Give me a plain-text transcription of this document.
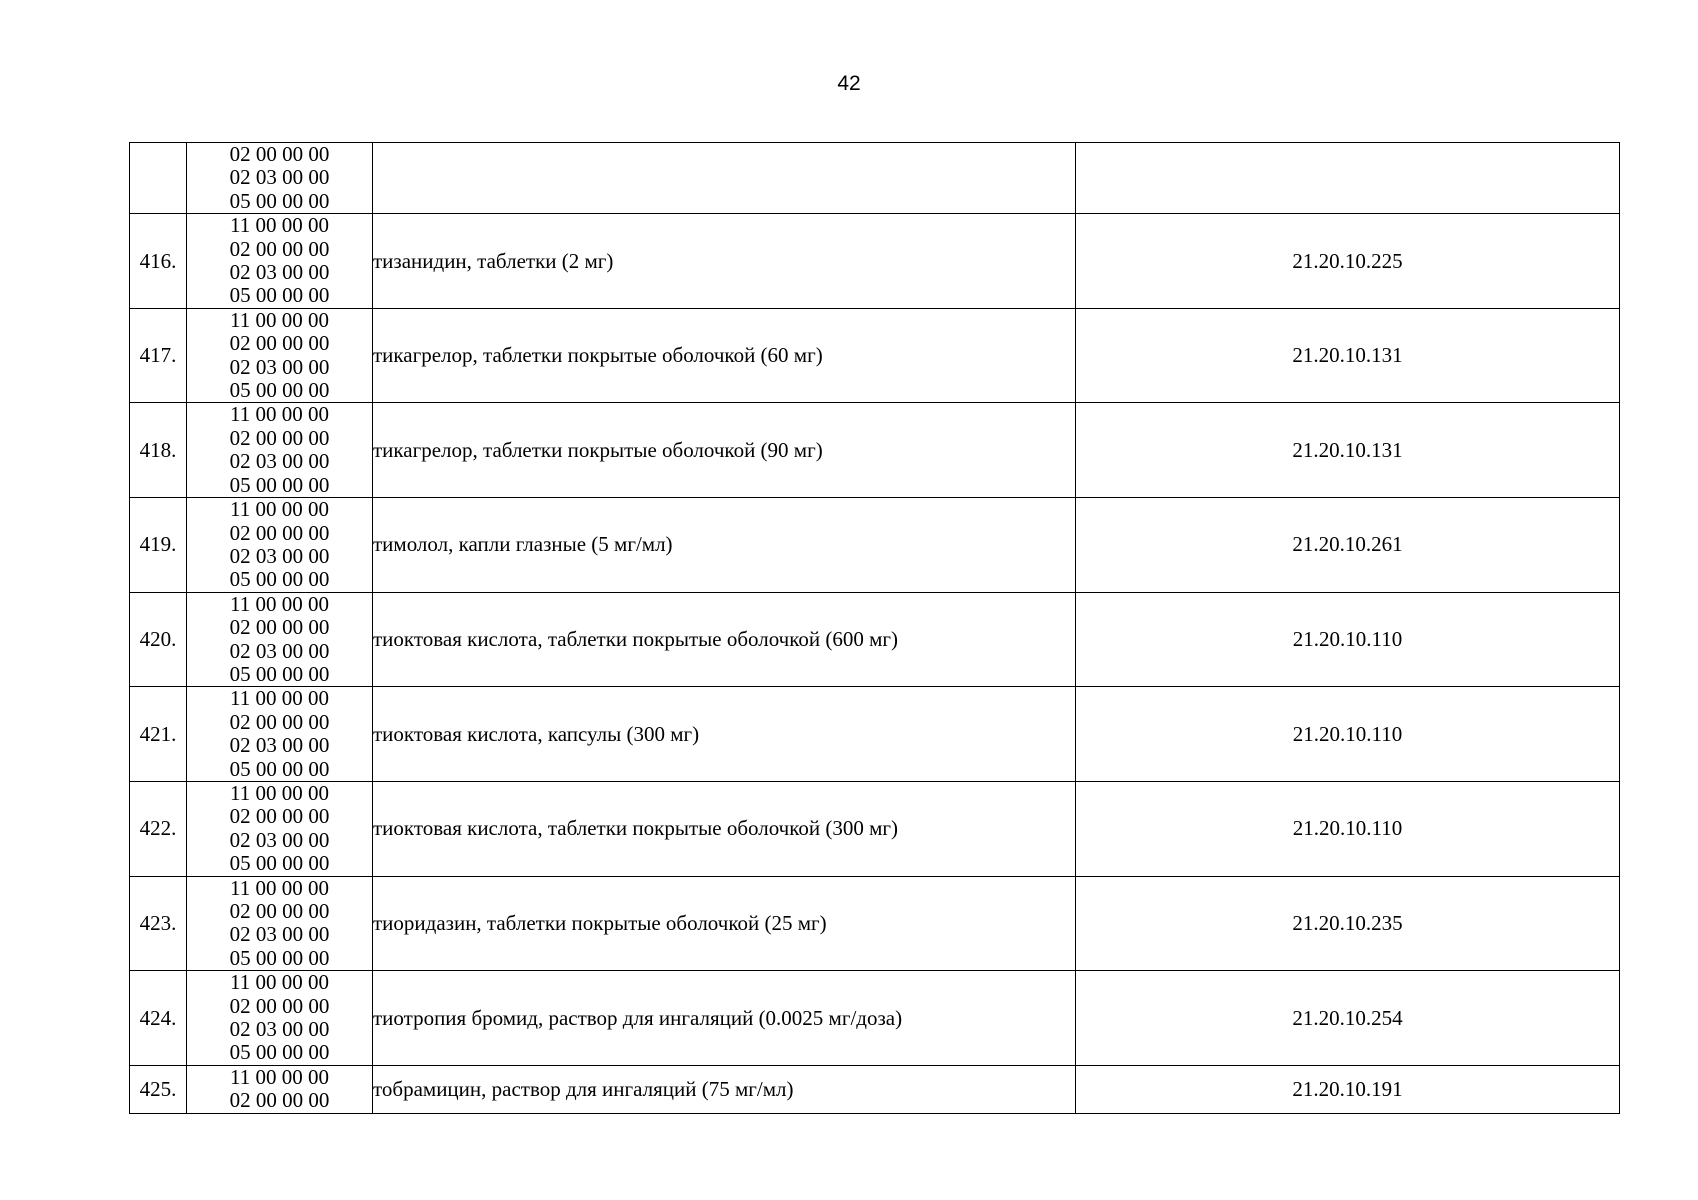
42

	02 00 00 00
02 03 00 00
05 00 00 00		

416.	11 00 00 00
02 00 00 00
02 03 00 00
05 00 00 00	тизанидин, таблетки (2 мг)	21.20.10.225
417.	11 00 00 00
02 00 00 00
02 03 00 00
05 00 00 00	тикагрелор, таблетки покрытые оболочкой (60 мг)	21.20.10.131
418.	11 00 00 00
02 00 00 00
02 03 00 00
05 00 00 00	тикагрелор, таблетки покрытые оболочкой (90 мг)	21.20.10.131
419.	11 00 00 00
02 00 00 00
02 03 00 00
05 00 00 00	тимолол, капли глазные (5 мг/мл)	21.20.10.261
420.	11 00 00 00
02 00 00 00
02 03 00 00
05 00 00 00	тиоктовая кислота, таблетки покрытые оболочкой (600 мг)	21.20.10.110
421.	11 00 00 00
02 00 00 00
02 03 00 00
05 00 00 00	тиоктовая кислота, капсулы (300 мг)	21.20.10.110
422.	11 00 00 00
02 00 00 00
02 03 00 00
05 00 00 00	тиоктовая кислота, таблетки покрытые оболочкой (300 мг)	21.20.10.110
423.	11 00 00 00
02 00 00 00
02 03 00 00
05 00 00 00	тиоридазин, таблетки покрытые оболочкой (25 мг)	21.20.10.235
424.	11 00 00 00
02 00 00 00
02 03 00 00
05 00 00 00	тиотропия бромид, раствор для ингаляций (0.0025 мг/доза)	21.20.10.254
425.	11 00 00 00
02 00 00 00	тобрамицин, раствор для ингаляций (75 мг/мл)	21.20.10.191
